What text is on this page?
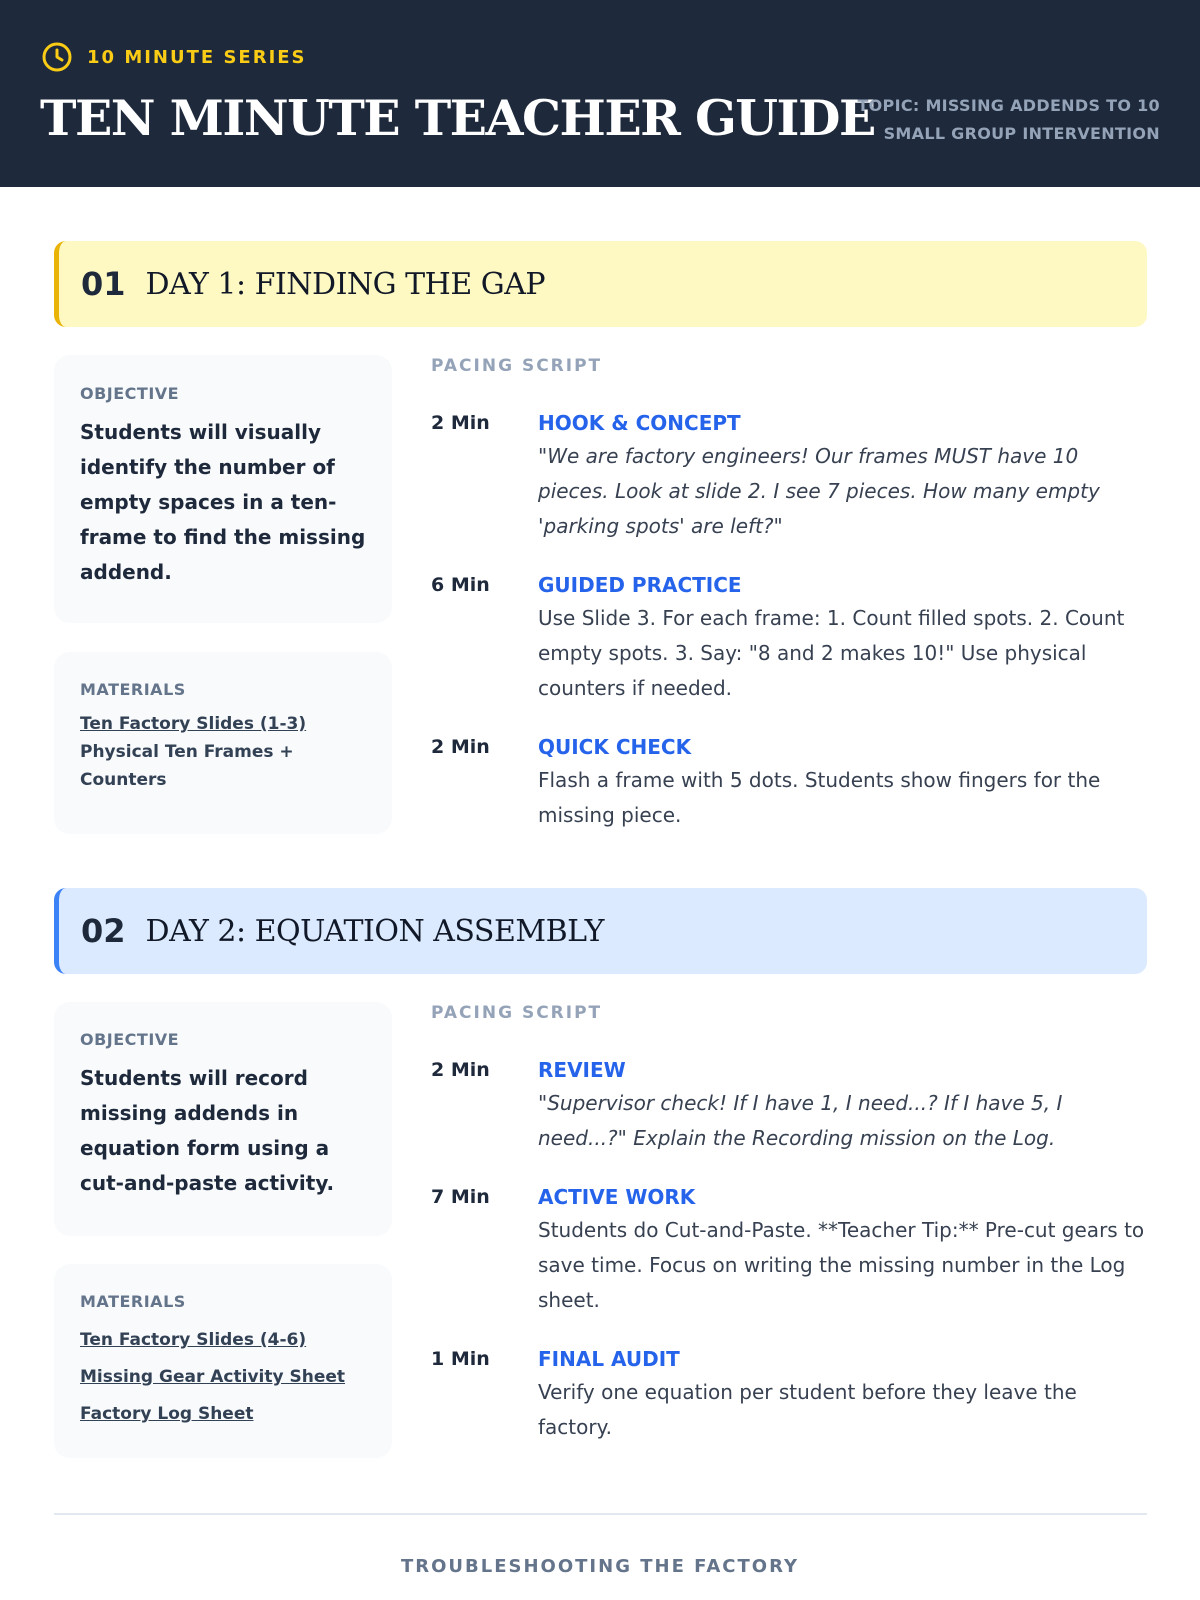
10 MINUTE SERIES
TEN MINUTE TEACHER GUIDE
TOPIC: MISSING ADDENDS TO 10
SMALL GROUP INTERVENTION
01 DAY 1: FINDING THE GAP
OBJECTIVE
Students will visually identify the number of empty spaces in a ten-frame to find the missing addend.
MATERIALS
Ten Factory Slides (1-3)
Physical Ten Frames + Counters
PACING SCRIPT
2 Min HOOK & CONCEPT
"We are factory engineers! Our frames MUST have 10 pieces. Look at slide 2. I see 7 pieces. How many empty 'parking spots' are left?"
6 Min GUIDED PRACTICE
Use Slide 3. For each frame: 1. Count filled spots. 2. Count empty spots. 3. Say: "8 and 2 makes 10!" Use physical counters if needed.
2 Min QUICK CHECK
Flash a frame with 5 dots. Students show fingers for the missing piece.
02 DAY 2: EQUATION ASSEMBLY
OBJECTIVE
Students will record missing addends in equation form using a cut-and-paste activity.
MATERIALS
Ten Factory Slides (4-6)
Missing Gear Activity Sheet
Factory Log Sheet
PACING SCRIPT
2 Min REVIEW
"Supervisor check! If I have 1, I need...? If I have 5, I need...?" Explain the Recording mission on the Log.
7 Min ACTIVE WORK
Students do Cut-and-Paste. **Teacher Tip:** Pre-cut gears to save time. Focus on writing the missing number in the Log sheet.
1 Min FINAL AUDIT
Verify one equation per student before they leave the factory.
TROUBLESHOOTING THE FACTORY
